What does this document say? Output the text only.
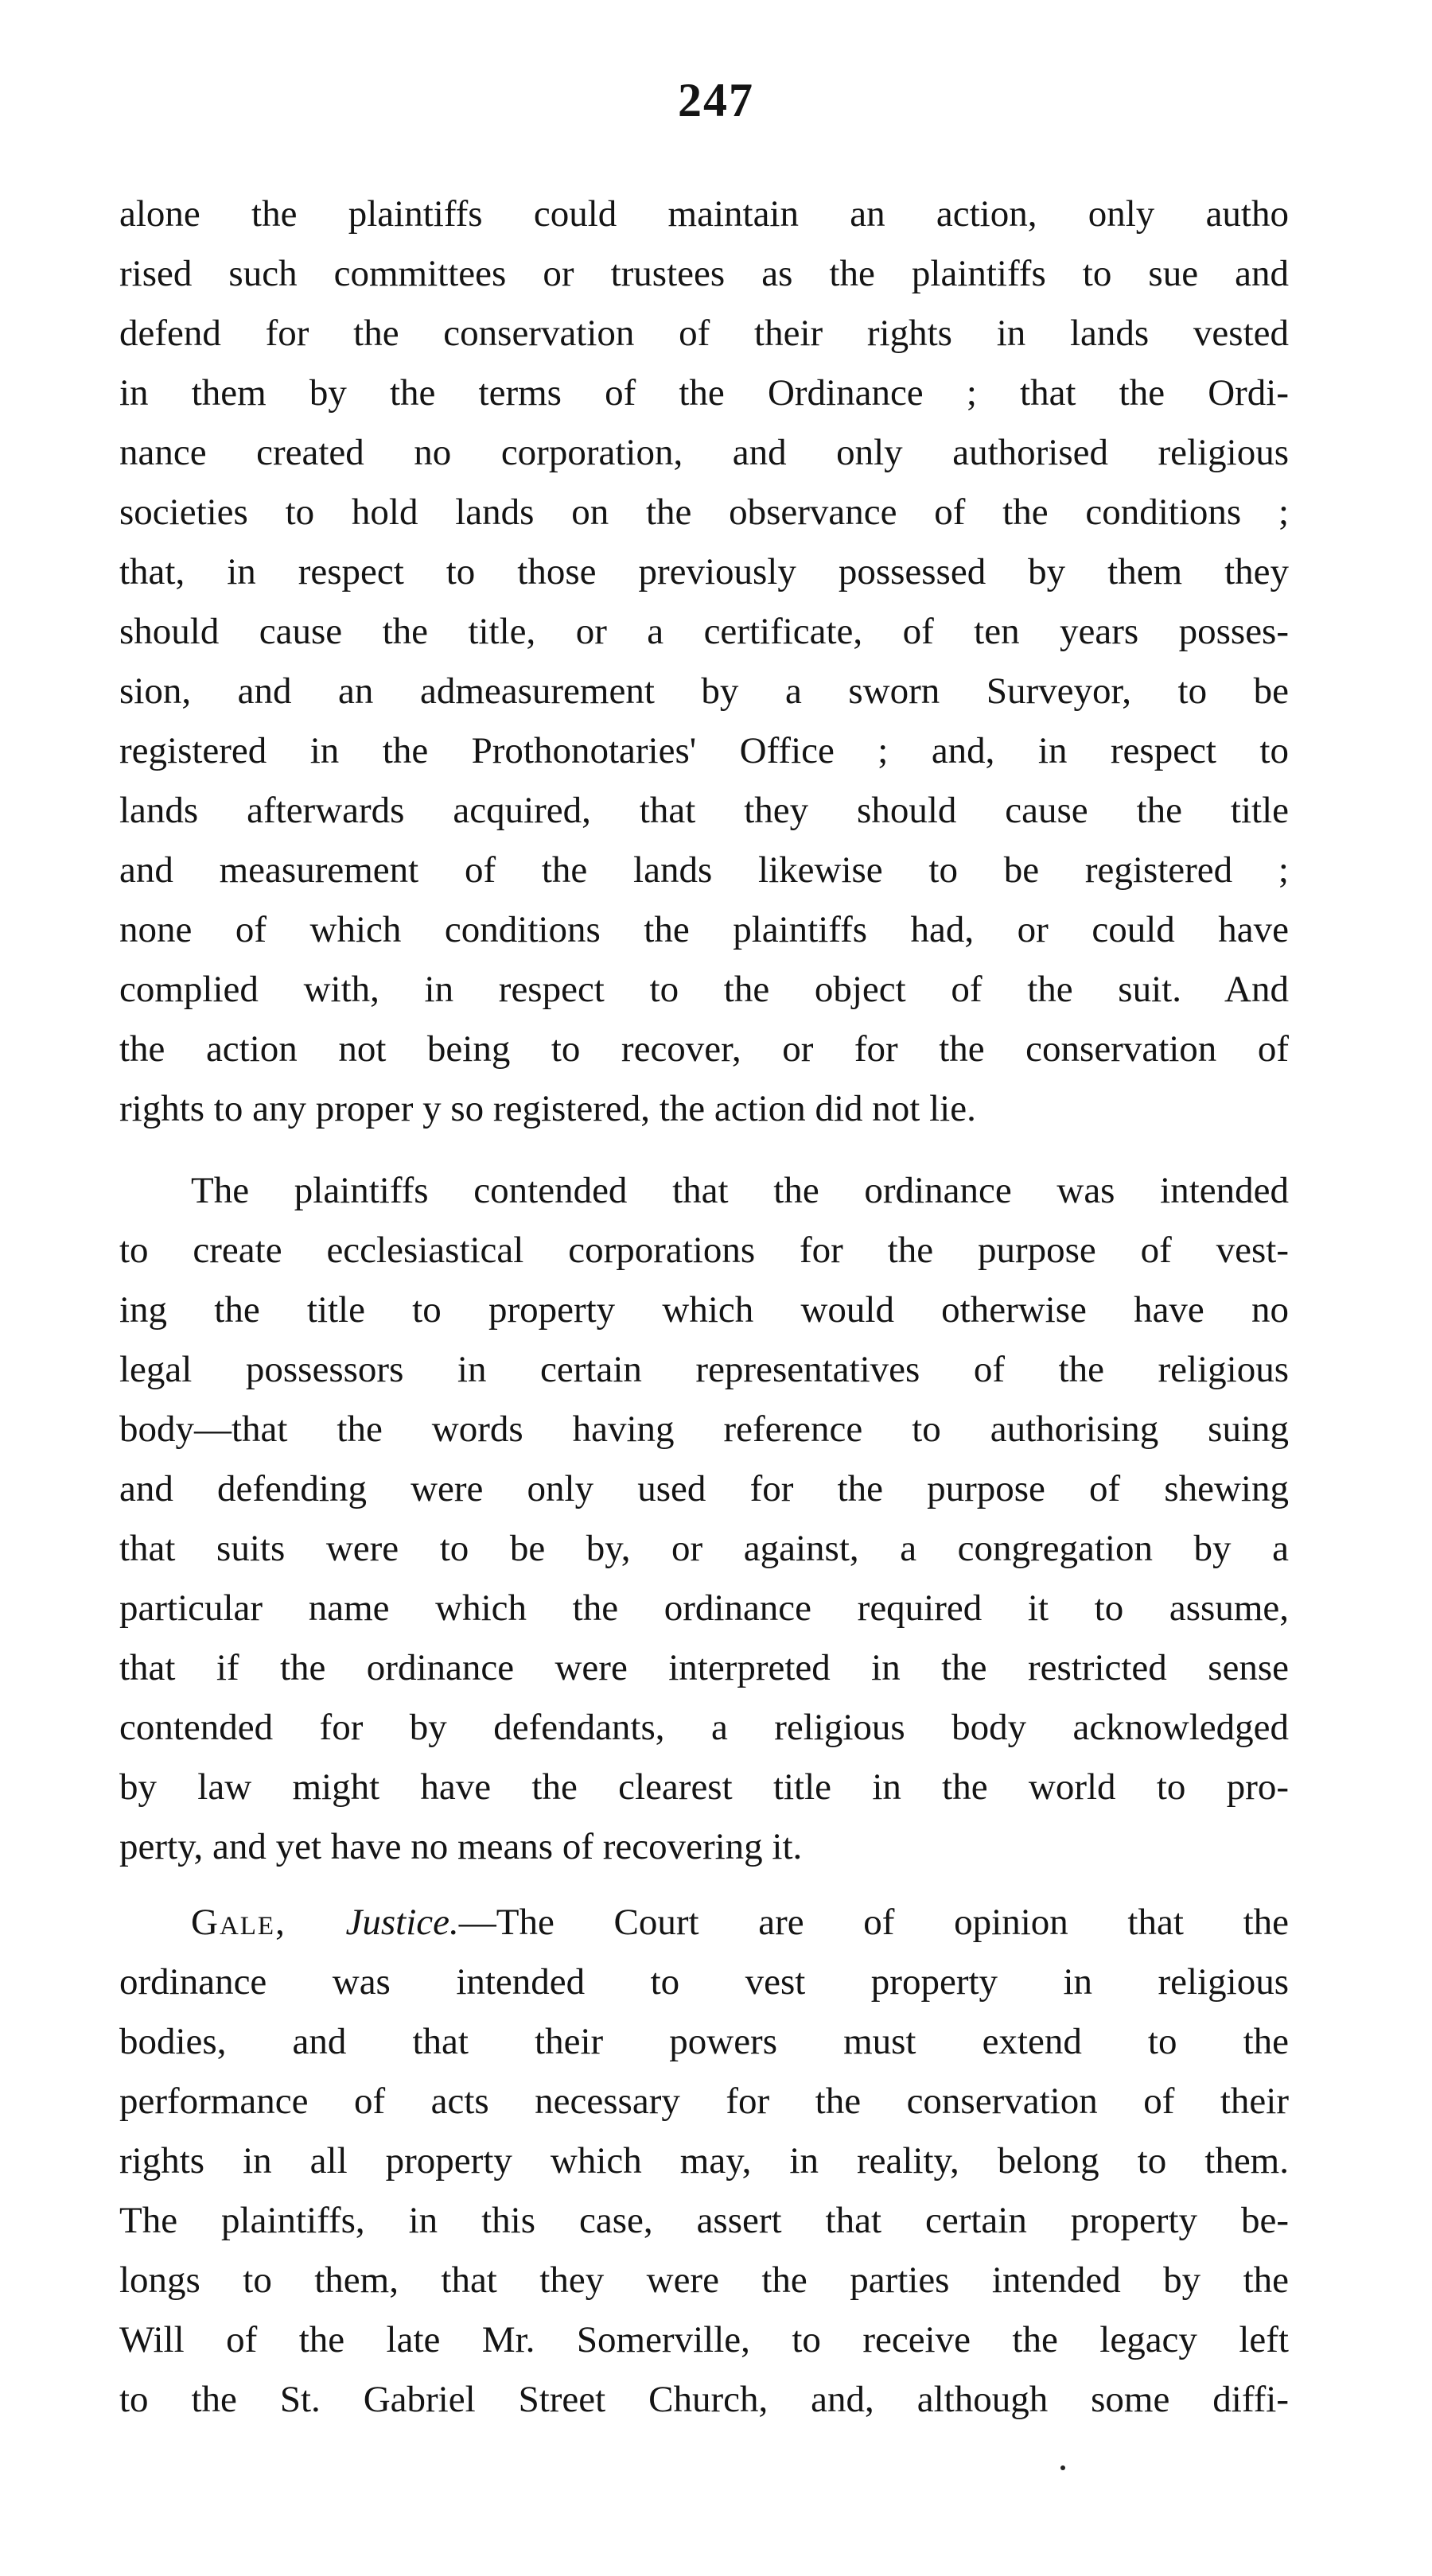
247
alone the plaintiffs could maintain an action, only autho
rised such committees or trustees as the plaintiffs to sue and
defend for the conservation of their rights in lands vested
in them by the terms of the Ordinance ; that the Ordi-
nance created no corporation, and only authorised religious
societies to hold lands on the observance of the conditions ;
that, in respect to those previously possessed by them they
should cause the title, or a certificate, of ten years posses-
sion, and an admeasurement by a sworn Surveyor, to be
registered in the Prothonotaries' Office ; and, in respect to
lands afterwards acquired, that they should cause the title
and measurement of the lands likewise to be registered ;
none of which conditions the plaintiffs had, or could have
complied with, in respect to the object of the suit. And
the action not being to recover, or for the conservation of
rights to any proper y so registered, the action did not lie.
The plaintiffs contended that the ordinance was intended
to create ecclesiastical corporations for the purpose of vest-
ing the title to property which would otherwise have no
legal possessors in certain representatives of the religious
body—that the words having reference to authorising suing
and defending were only used for the purpose of shewing
that suits were to be by, or against, a congregation by a
particular name which the ordinance required it to assume,
that if the ordinance were interpreted in the restricted sense
contended for by defendants, a religious body acknowledged
by law might have the clearest title in the world to pro-
perty, and yet have no means of recovering it.
Gale, Justice.—The Court are of opinion that the
ordinance was intended to vest property in religious
bodies, and that their powers must extend to the
performance of acts necessary for the conservation of their
rights in all property which may, in reality, belong to them.
The plaintiffs, in this case, assert that certain property be-
longs to them, that they were the parties intended by the
Will of the late Mr. Somerville, to receive the legacy left
to the St. Gabriel Street Church, and, although some diffi-
